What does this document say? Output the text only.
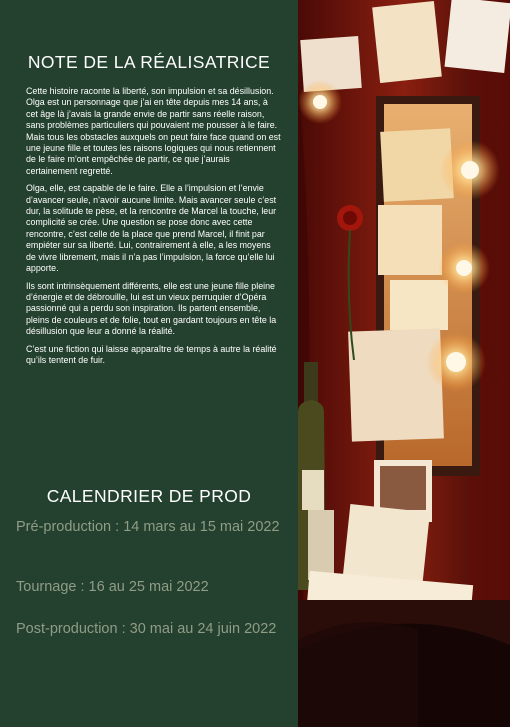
NOTE DE LA RÉALISATRICE

Cette histoire raconte la liberté, son impulsion et sa désillusion. Olga est un personnage que j’ai en tête depuis mes 14 ans, à cet âge là j’avais la grande envie de partir sans réelle raison, sans problèmes particuliers qui pouvaient me pousser à le faire. Mais tous les obstacles auxquels on peut faire face quand on est une jeune fille et toutes les raisons logiques qui nous retiennent de le faire m’ont empêchée de partir, ce que j’aurais certainement regretté.

Olga, elle, est capable de le faire. Elle a l’impulsion et l’envie d’avancer seule, n’avoir aucune limite. Mais avancer seule c’est dur, la solitude te pèse, et la rencontre de Marcel la touche, leur complicité se crée. Une question se pose donc avec cette rencontre, c’est celle de la place que prend Marcel, il finit par empiéter sur sa liberté. Lui, contrairement à elle, a les moyens de vivre librement, mais il n’a pas l’impulsion, la force qu’elle lui apporte.

Ils sont intrinsèquement différents, elle est une jeune fille pleine d’énergie et de débrouille, lui est un vieux perruquier d’Opéra passionné qui a perdu son inspiration. Ils partent ensemble, pleins de couleurs et de folie, tout en gardant toujours en tête la désillusion que leur a donné la réalité.

C’est une fiction qui laisse apparaître de temps à autre la réalité qu’ils tentent de fuir.

CALENDRIER DE PROD

Pré-production : 14 mars au 15 mai 2022

Tournage : 16 au 25 mai 2022

Post-production : 30 mai au 24 juin 2022
